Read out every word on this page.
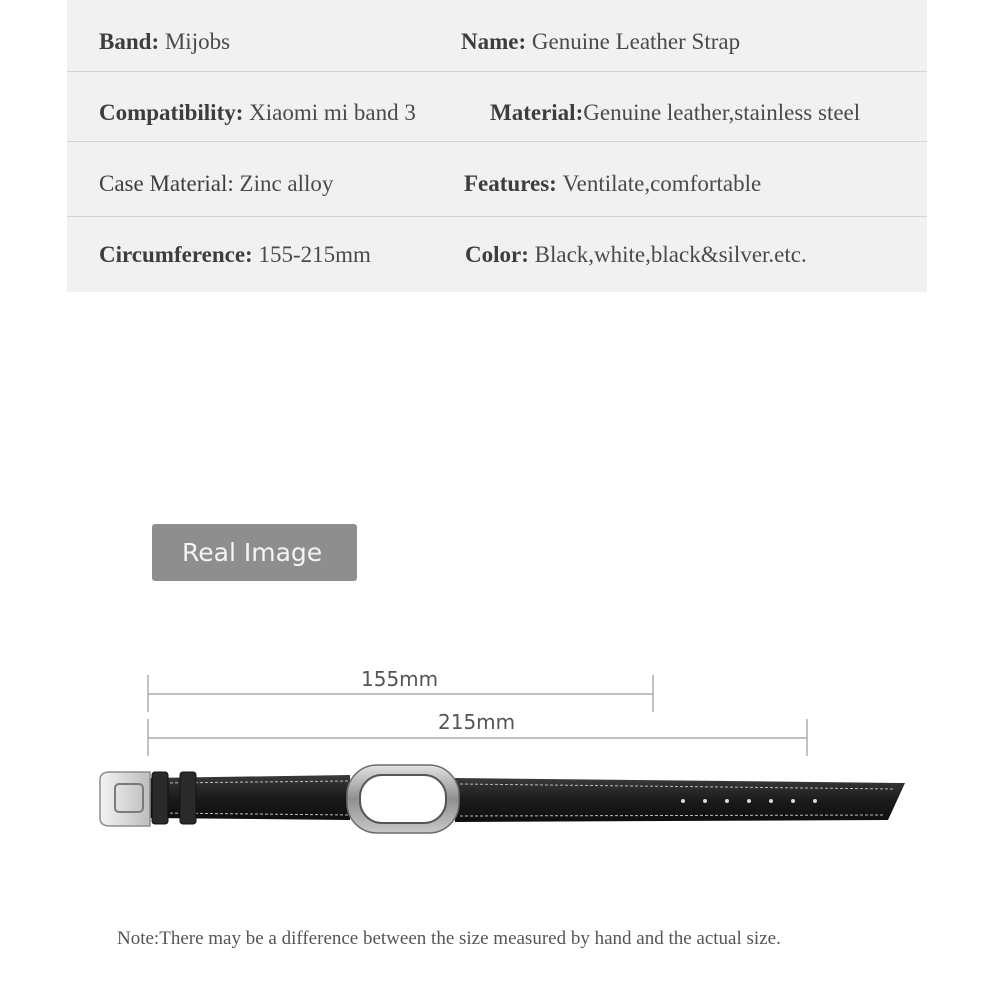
Band: Mijobs	Name: Genuine Leather Strap
Compatibility: Xiaomi mi band 3	Material:Genuine leather,stainless steel
Case Material: Zinc alloy	Features: Ventilate,comfortable
Circumference: 155-215mm	Color: Black,white,black&silver.etc.
Real Image
155mm
215mm
Note:There may be a difference between the size measured by hand and the actual size.
